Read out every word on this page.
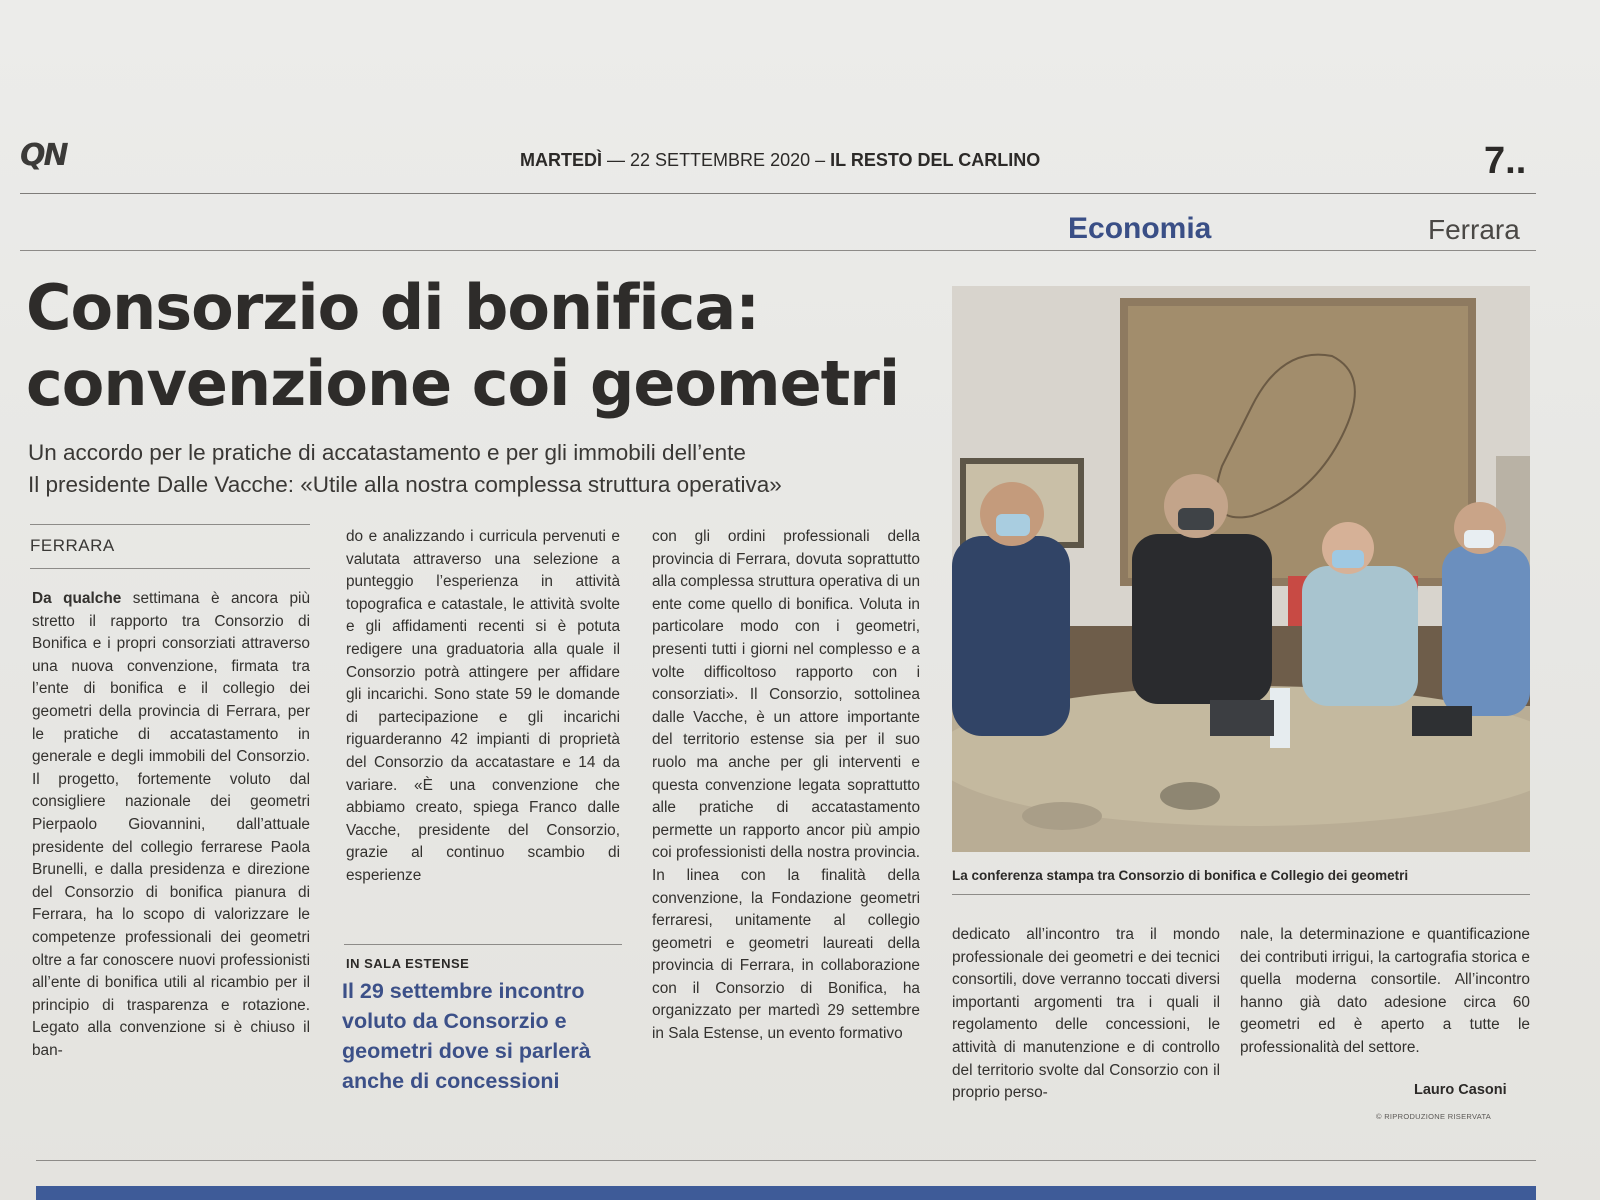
QN	MARTEDÌ — 22 SETTEMBRE 2020 – IL RESTO DEL CARLINO	7..
Economia	Ferrara
Consorzio di bonifica:
convenzione coi geometri
Un accordo per le pratiche di accatastamento e per gli immobili dell’ente
Il presidente Dalle Vacche: «Utile alla nostra complessa struttura operativa»
FERRARA

Da qualche settimana è ancora più stretto il rapporto tra Consorzio di Bonifica e i propri consorziati attraverso una nuova convenzione, firmata tra l’ente di bonifica e il collegio dei geometri della provincia di Ferrara, per le pratiche di accatastamento in generale e degli immobili del Consorzio. Il progetto, fortemente voluto dal consigliere nazionale dei geometri Pierpaolo Giovannini, dall’attuale presidente del collegio ferrarese Paola Brunelli, e dalla presidenza e direzione del Consorzio di bonifica pianura di Ferrara, ha lo scopo di valorizzare le competenze professionali dei geometri oltre a far conoscere nuovi professionisti all’ente di bonifica utili al ricambio per il principio di trasparenza e rotazione. Legato alla convenzione si è chiuso il ban-

do e analizzando i curricula pervenuti e valutata attraverso una selezione a punteggio l’esperienza in attività topografica e catastale, le attività svolte e gli affidamenti recenti si è potuta redigere una graduatoria alla quale il Consorzio potrà attingere per affidare gli incarichi. Sono state 59 le domande di partecipazione e gli incarichi riguarderanno 42 impianti di proprietà del Consorzio da accatastare e 14 da variare. «È una convenzione che abbiamo creato, spiega Franco dalle Vacche, presidente del Consorzio, grazie al continuo scambio di esperienze

IN SALA ESTENSE
Il 29 settembre incontro voluto da Consorzio e geometri dove si parlerà anche di concessioni

con gli ordini professionali della provincia di Ferrara, dovuta soprattutto alla complessa struttura operativa di un ente come quello di bonifica. Voluta in particolare modo con i geometri, presenti tutti i giorni nel complesso e a volte difficoltoso rapporto con i consorziati». Il Consorzio, sottolinea dalle Vacche, è un attore importante del territorio estense sia per il suo ruolo ma anche per gli interventi e questa convenzione legata soprattutto alle pratiche di accatastamento permette un rapporto ancor più ampio coi professionisti della nostra provincia. In linea con la finalità della convenzione, la Fondazione geometri ferraresi, unitamente al collegio geometri e geometri laureati della provincia di Ferrara, in collaborazione con il Consorzio di Bonifica, ha organizzato per martedì 29 settembre in Sala Estense, un evento formativo

La conferenza stampa tra Consorzio di bonifica e Collegio dei geometri

dedicato all’incontro tra il mondo professionale dei geometri e dei tecnici consortili, dove verranno toccati diversi importanti argomenti tra i quali il regolamento delle concessioni, le attività di manutenzione e di controllo del territorio svolte dal Consorzio con il proprio perso-

nale, la determinazione e quantificazione dei contributi irrigui, la cartografia storica e quella moderna consortile. All’incontro hanno già dato adesione circa 60 geometri ed è aperto a tutte le professionalità del settore.

Lauro Casoni
© RIPRODUZIONE RISERVATA
